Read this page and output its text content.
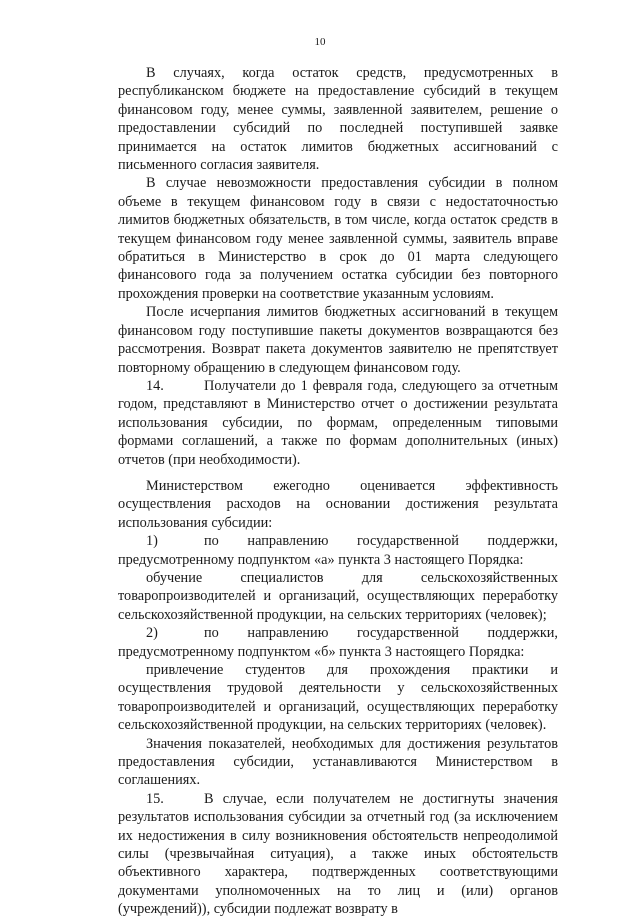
10

В случаях, когда остаток средств, предусмотренных в республиканском бюджете на предоставление субсидий в текущем финансовом году, менее суммы, заявленной заявителем, решение о предоставлении субсидий по последней поступившей заявке принимается на остаток лимитов бюджетных ассигнований с письменного согласия заявителя.

В случае невозможности предоставления субсидии в полном объеме в текущем финансовом году в связи с недостаточностью лимитов бюджетных обязательств, в том числе, когда остаток средств в текущем финансовом году менее заявленной суммы, заявитель вправе обратиться в Министерство в срок до 01 марта следующего финансового года за получением остатка субсидии без повторного прохождения проверки на соответствие указанным условиям.

После исчерпания лимитов бюджетных ассигнований в текущем финансовом году поступившие пакеты документов возвращаются без рассмотрения. Возврат пакета документов заявителю не препятствует повторному обращению в следующем финансовом году.

14.	Получатели до 1 февраля года, следующего за отчетным годом, представляют в Министерство отчет о достижении результата использования субсидии, по формам, определенным типовыми формами соглашений, а также по формам дополнительных (иных) отчетов (при необходимости).

Министерством ежегодно оценивается эффективность осуществления расходов на основании достижения результата использования субсидии:

1)	по направлению государственной поддержки, предусмотренному подпунктом «а» пункта 3 настоящего Порядка:

обучение специалистов для сельскохозяйственных товаропроизводителей и организаций, осуществляющих переработку сельскохозяйственной продукции, на сельских территориях (человек);

2)	по направлению государственной поддержки, предусмотренному подпунктом «б» пункта 3 настоящего Порядка:

привлечение студентов для прохождения практики и осуществления трудовой деятельности у сельскохозяйственных товаропроизводителей и организаций, осуществляющих переработку сельскохозяйственной продукции, на сельских территориях (человек).

Значения показателей, необходимых для достижения результатов предоставления субсидии, устанавливаются Министерством в соглашениях.

15.	В случае, если получателем не достигнуты значения результатов использования субсидии за отчетный год (за исключением их недостижения в силу возникновения обстоятельств непреодолимой силы (чрезвычайная ситуация), а также иных обстоятельств объективного характера, подтвержденных соответствующими документами уполномоченных на то лиц и (или) органов (учреждений)), субсидии подлежат возврату в
